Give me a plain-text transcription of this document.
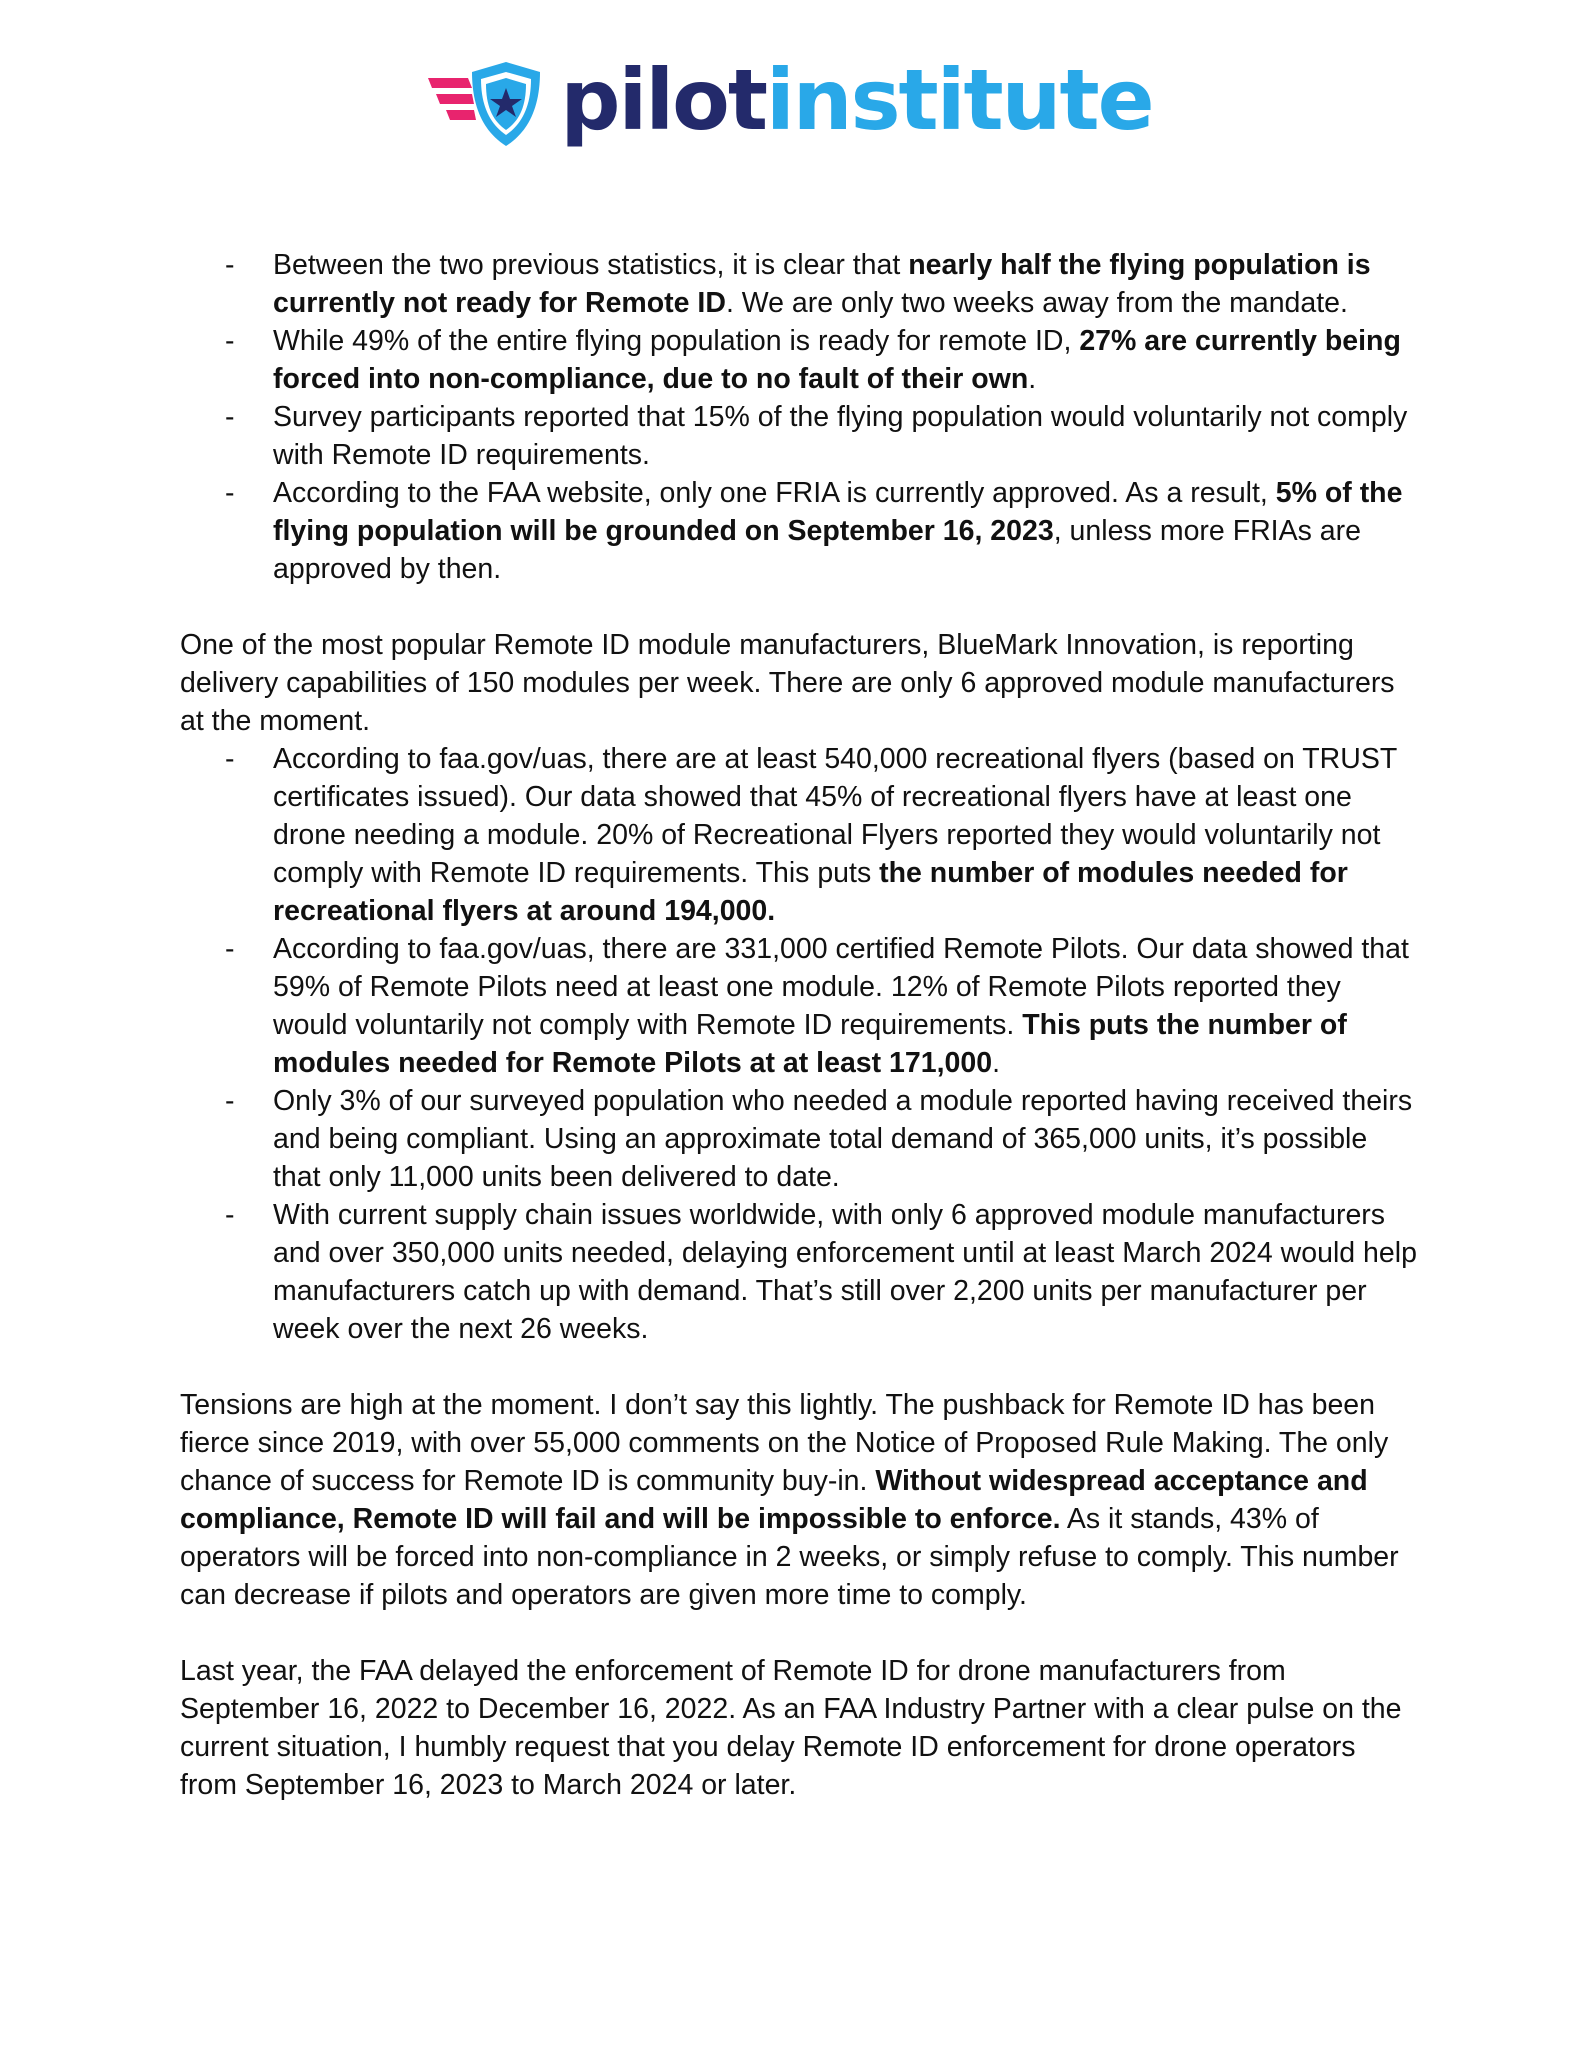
pilotinstitute
- Between the two previous statistics, it is clear that nearly half the flying population is currently not ready for Remote ID. We are only two weeks away from the mandate.
- While 49% of the entire flying population is ready for remote ID, 27% are currently being forced into non-compliance, due to no fault of their own.
- Survey participants reported that 15% of the flying population would voluntarily not comply with Remote ID requirements.
- According to the FAA website, only one FRIA is currently approved. As a result, 5% of the flying population will be grounded on September 16, 2023, unless more FRIAs are approved by then.

One of the most popular Remote ID module manufacturers, BlueMark Innovation, is reporting delivery capabilities of 150 modules per week. There are only 6 approved module manufacturers at the moment.

- According to faa.gov/uas, there are at least 540,000 recreational flyers (based on TRUST certificates issued). Our data showed that 45% of recreational flyers have at least one drone needing a module. 20% of Recreational Flyers reported they would voluntarily not comply with Remote ID requirements. This puts the number of modules needed for recreational flyers at around 194,000.
- According to faa.gov/uas, there are 331,000 certified Remote Pilots. Our data showed that 59% of Remote Pilots need at least one module. 12% of Remote Pilots reported they would voluntarily not comply with Remote ID requirements. This puts the number of modules needed for Remote Pilots at at least 171,000.
- Only 3% of our surveyed population who needed a module reported having received theirs and being compliant. Using an approximate total demand of 365,000 units, it’s possible that only 11,000 units been delivered to date.
- With current supply chain issues worldwide, with only 6 approved module manufacturers and over 350,000 units needed, delaying enforcement until at least March 2024 would help manufacturers catch up with demand. That’s still over 2,200 units per manufacturer per week over the next 26 weeks.

Tensions are high at the moment. I don’t say this lightly. The pushback for Remote ID has been fierce since 2019, with over 55,000 comments on the Notice of Proposed Rule Making. The only chance of success for Remote ID is community buy-in. Without widespread acceptance and compliance, Remote ID will fail and will be impossible to enforce. As it stands, 43% of operators will be forced into non-compliance in 2 weeks, or simply refuse to comply. This number can decrease if pilots and operators are given more time to comply.

Last year, the FAA delayed the enforcement of Remote ID for drone manufacturers from September 16, 2022 to December 16, 2022. As an FAA Industry Partner with a clear pulse on the current situation, I humbly request that you delay Remote ID enforcement for drone operators from September 16, 2023 to March 2024 or later.
